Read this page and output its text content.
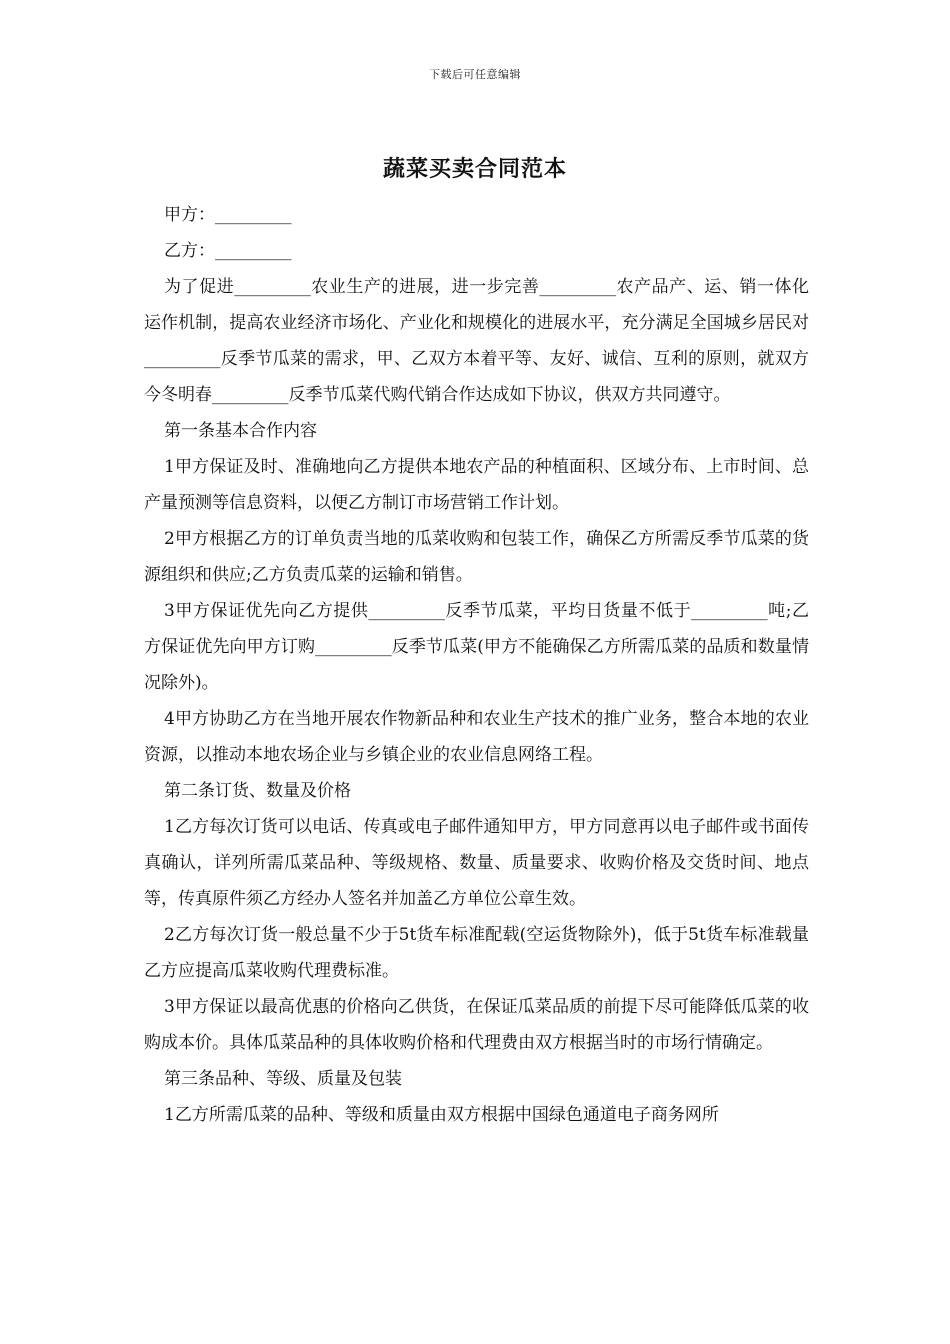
下载后可任意编辑
蔬菜买卖合同范本

甲方：_________

乙方：_________

为了促进_________农业生产的进展，进一步完善_________农产品产、运、销一体化运作机制，提高农业经济市场化、产业化和规模化的进展水平，充分满足全国城乡居民对_________反季节瓜菜的需求，甲、乙双方本着平等、友好、诚信、互利的原则，就双方今冬明春_________反季节瓜菜代购代销合作达成如下协议，供双方共同遵守。

第一条基本合作内容

1甲方保证及时、准确地向乙方提供本地农产品的种植面积、区域分布、上市时间、总产量预测等信息资料，以便乙方制订市场营销工作计划。

2甲方根据乙方的订单负责当地的瓜菜收购和包装工作，确保乙方所需反季节瓜菜的货源组织和供应;乙方负责瓜菜的运输和销售。

3甲方保证优先向乙方提供_________反季节瓜菜，平均日货量不低于_________吨;乙方保证优先向甲方订购_________反季节瓜菜(甲方不能确保乙方所需瓜菜的品质和数量情况除外)。

4甲方协助乙方在当地开展农作物新品种和农业生产技术的推广业务，整合本地的农业资源，以推动本地农场企业与乡镇企业的农业信息网络工程。

第二条订货、数量及价格

1乙方每次订货可以电话、传真或电子邮件通知甲方，甲方同意再以电子邮件或书面传真确认，详列所需瓜菜品种、等级规格、数量、质量要求、收购价格及交货时间、地点等，传真原件须乙方经办人签名并加盖乙方单位公章生效。

2乙方每次订货一般总量不少于5t货车标准配载(空运货物除外)，低于5t货车标准载量乙方应提高瓜菜收购代理费标准。

3甲方保证以最高优惠的价格向乙供货，在保证瓜菜品质的前提下尽可能降低瓜菜的收购成本价。具体瓜菜品种的具体收购价格和代理费由双方根据当时的市场行情确定。

第三条品种、等级、质量及包装

1乙方所需瓜菜的品种、等级和质量由双方根据中国绿色通道电子商务网所
